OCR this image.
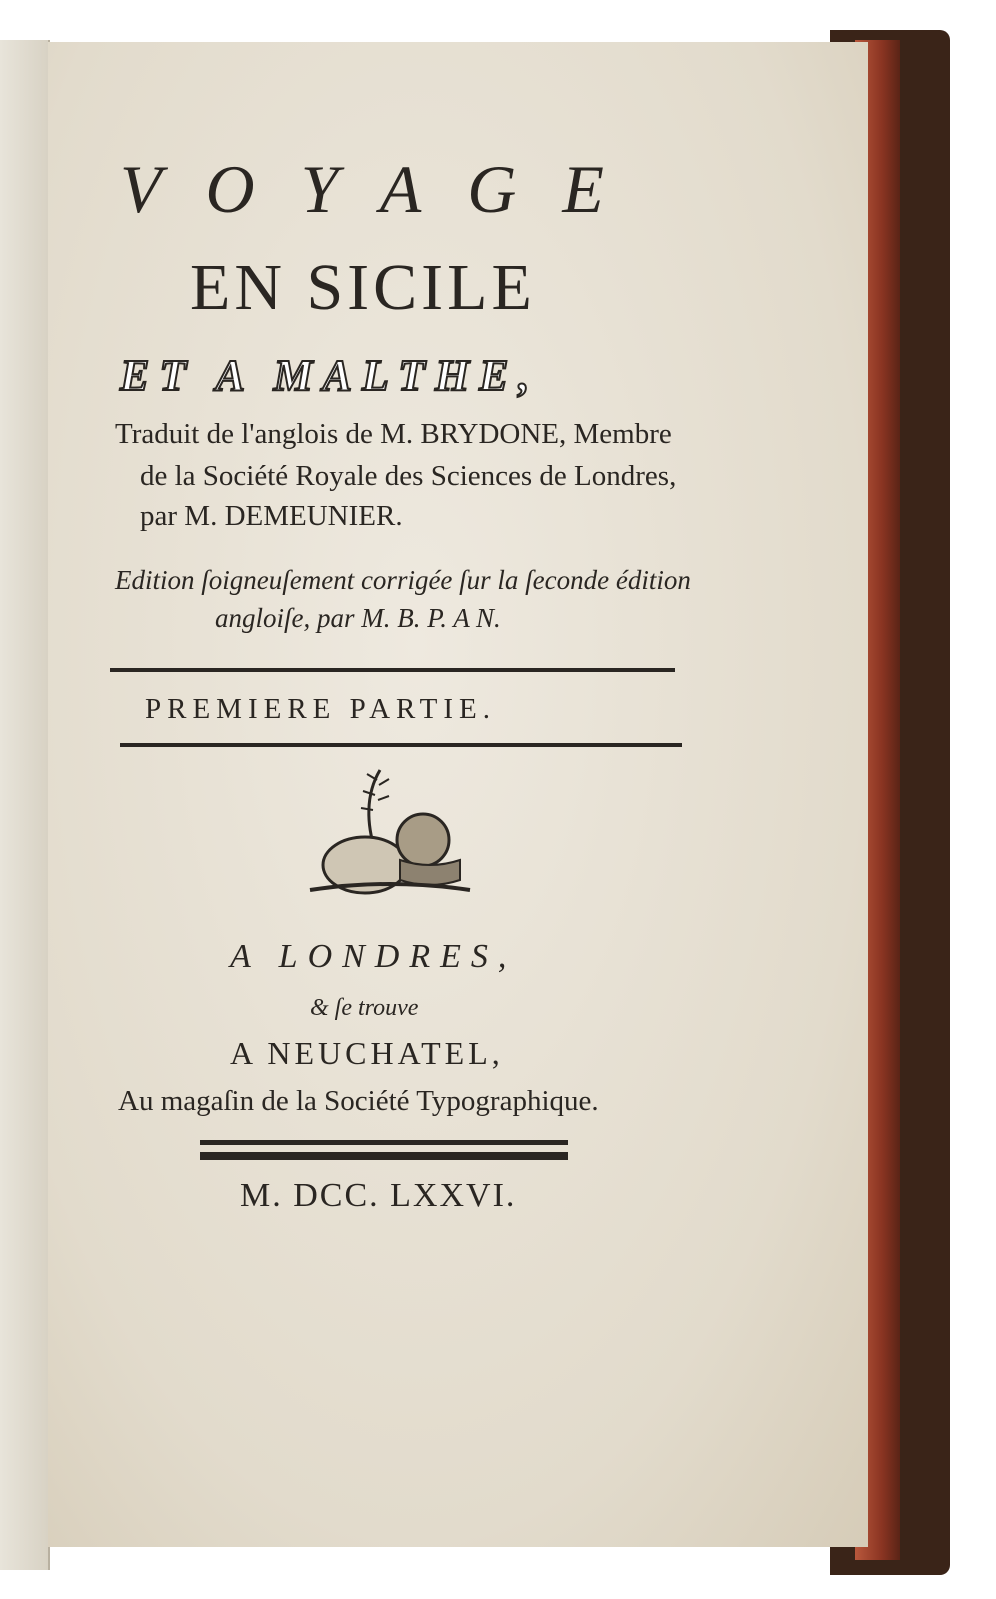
VOYAGE
EN SICILE
ET A MALTHE,
Traduit de l'anglois de M. BRYDONE, Membre
de la Société Royale des Sciences de Londres,
par M. DEMEUNIER.
Edition ſoigneuſement corrigée ſur la ſeconde édition
angloiſe, par M. B. P. A N.
PREMIERE PARTIE.
A LONDRES,
& ſe trouve
A NEUCHATEL,
Au magaſin de la Société Typographique.
M. DCC. LXXVI.
